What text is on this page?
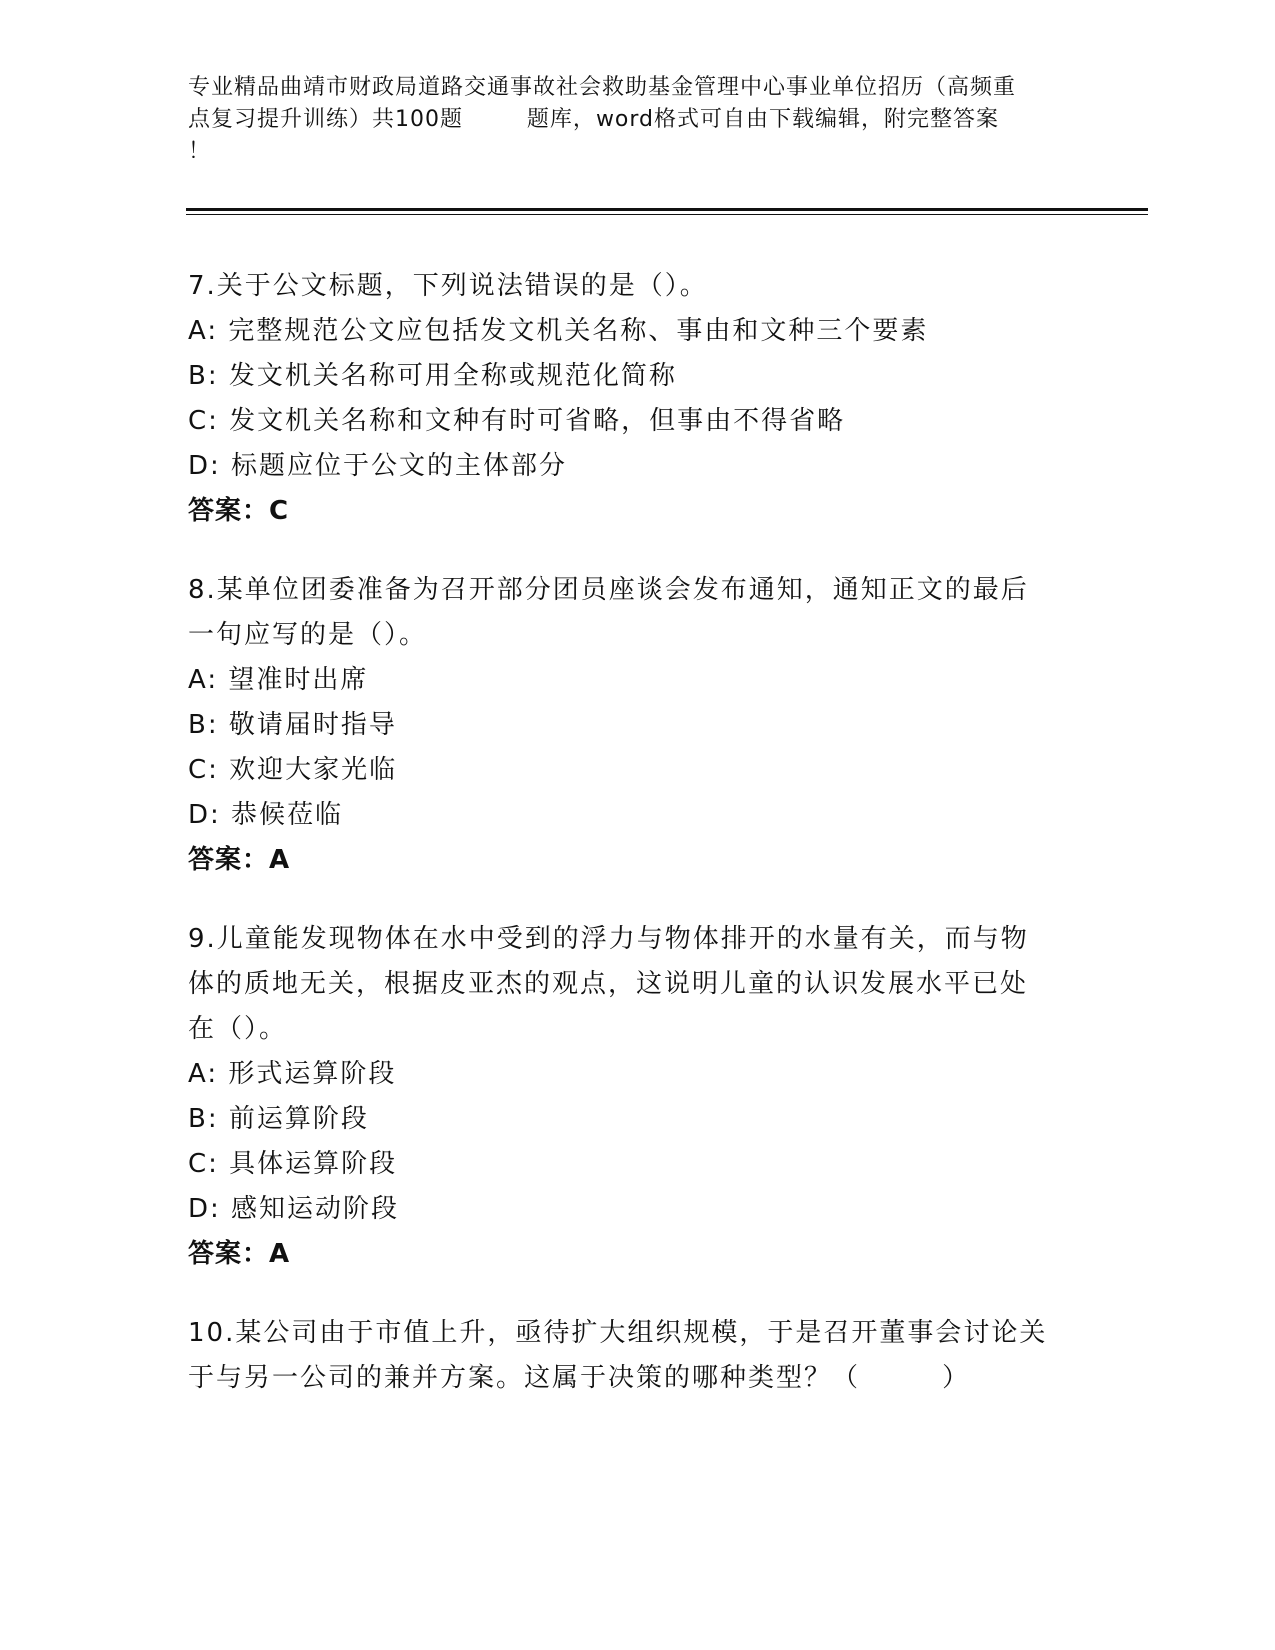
专业精品曲靖市财政局道路交通事故社会救助基金管理中心事业单位招历（高频重
点复习提升训练）共100题        题库，word格式可自由下载编辑，附完整答案
！
7.关于公文标题，下列说法错误的是（）。
A: 完整规范公文应包括发文机关名称、事由和文种三个要素
B: 发文机关名称可用全称或规范化简称
C: 发文机关名称和文种有时可省略，但事由不得省略
D: 标题应位于公文的主体部分
答案：C
8.某单位团委准备为召开部分团员座谈会发布通知，通知正文的最后
一句应写的是（）。
A: 望准时出席
B: 敬请届时指导
C: 欢迎大家光临
D: 恭候莅临
答案：A
9.儿童能发现物体在水中受到的浮力与物体排开的水量有关，而与物
体的质地无关，根据皮亚杰的观点，这说明儿童的认识发展水平已处
在（）。
A: 形式运算阶段
B: 前运算阶段
C: 具体运算阶段
D: 感知运动阶段
答案：A
10.某公司由于市值上升，亟待扩大组织规模，于是召开董事会讨论关
于与另一公司的兼并方案。这属于决策的哪种类型？（        ）
